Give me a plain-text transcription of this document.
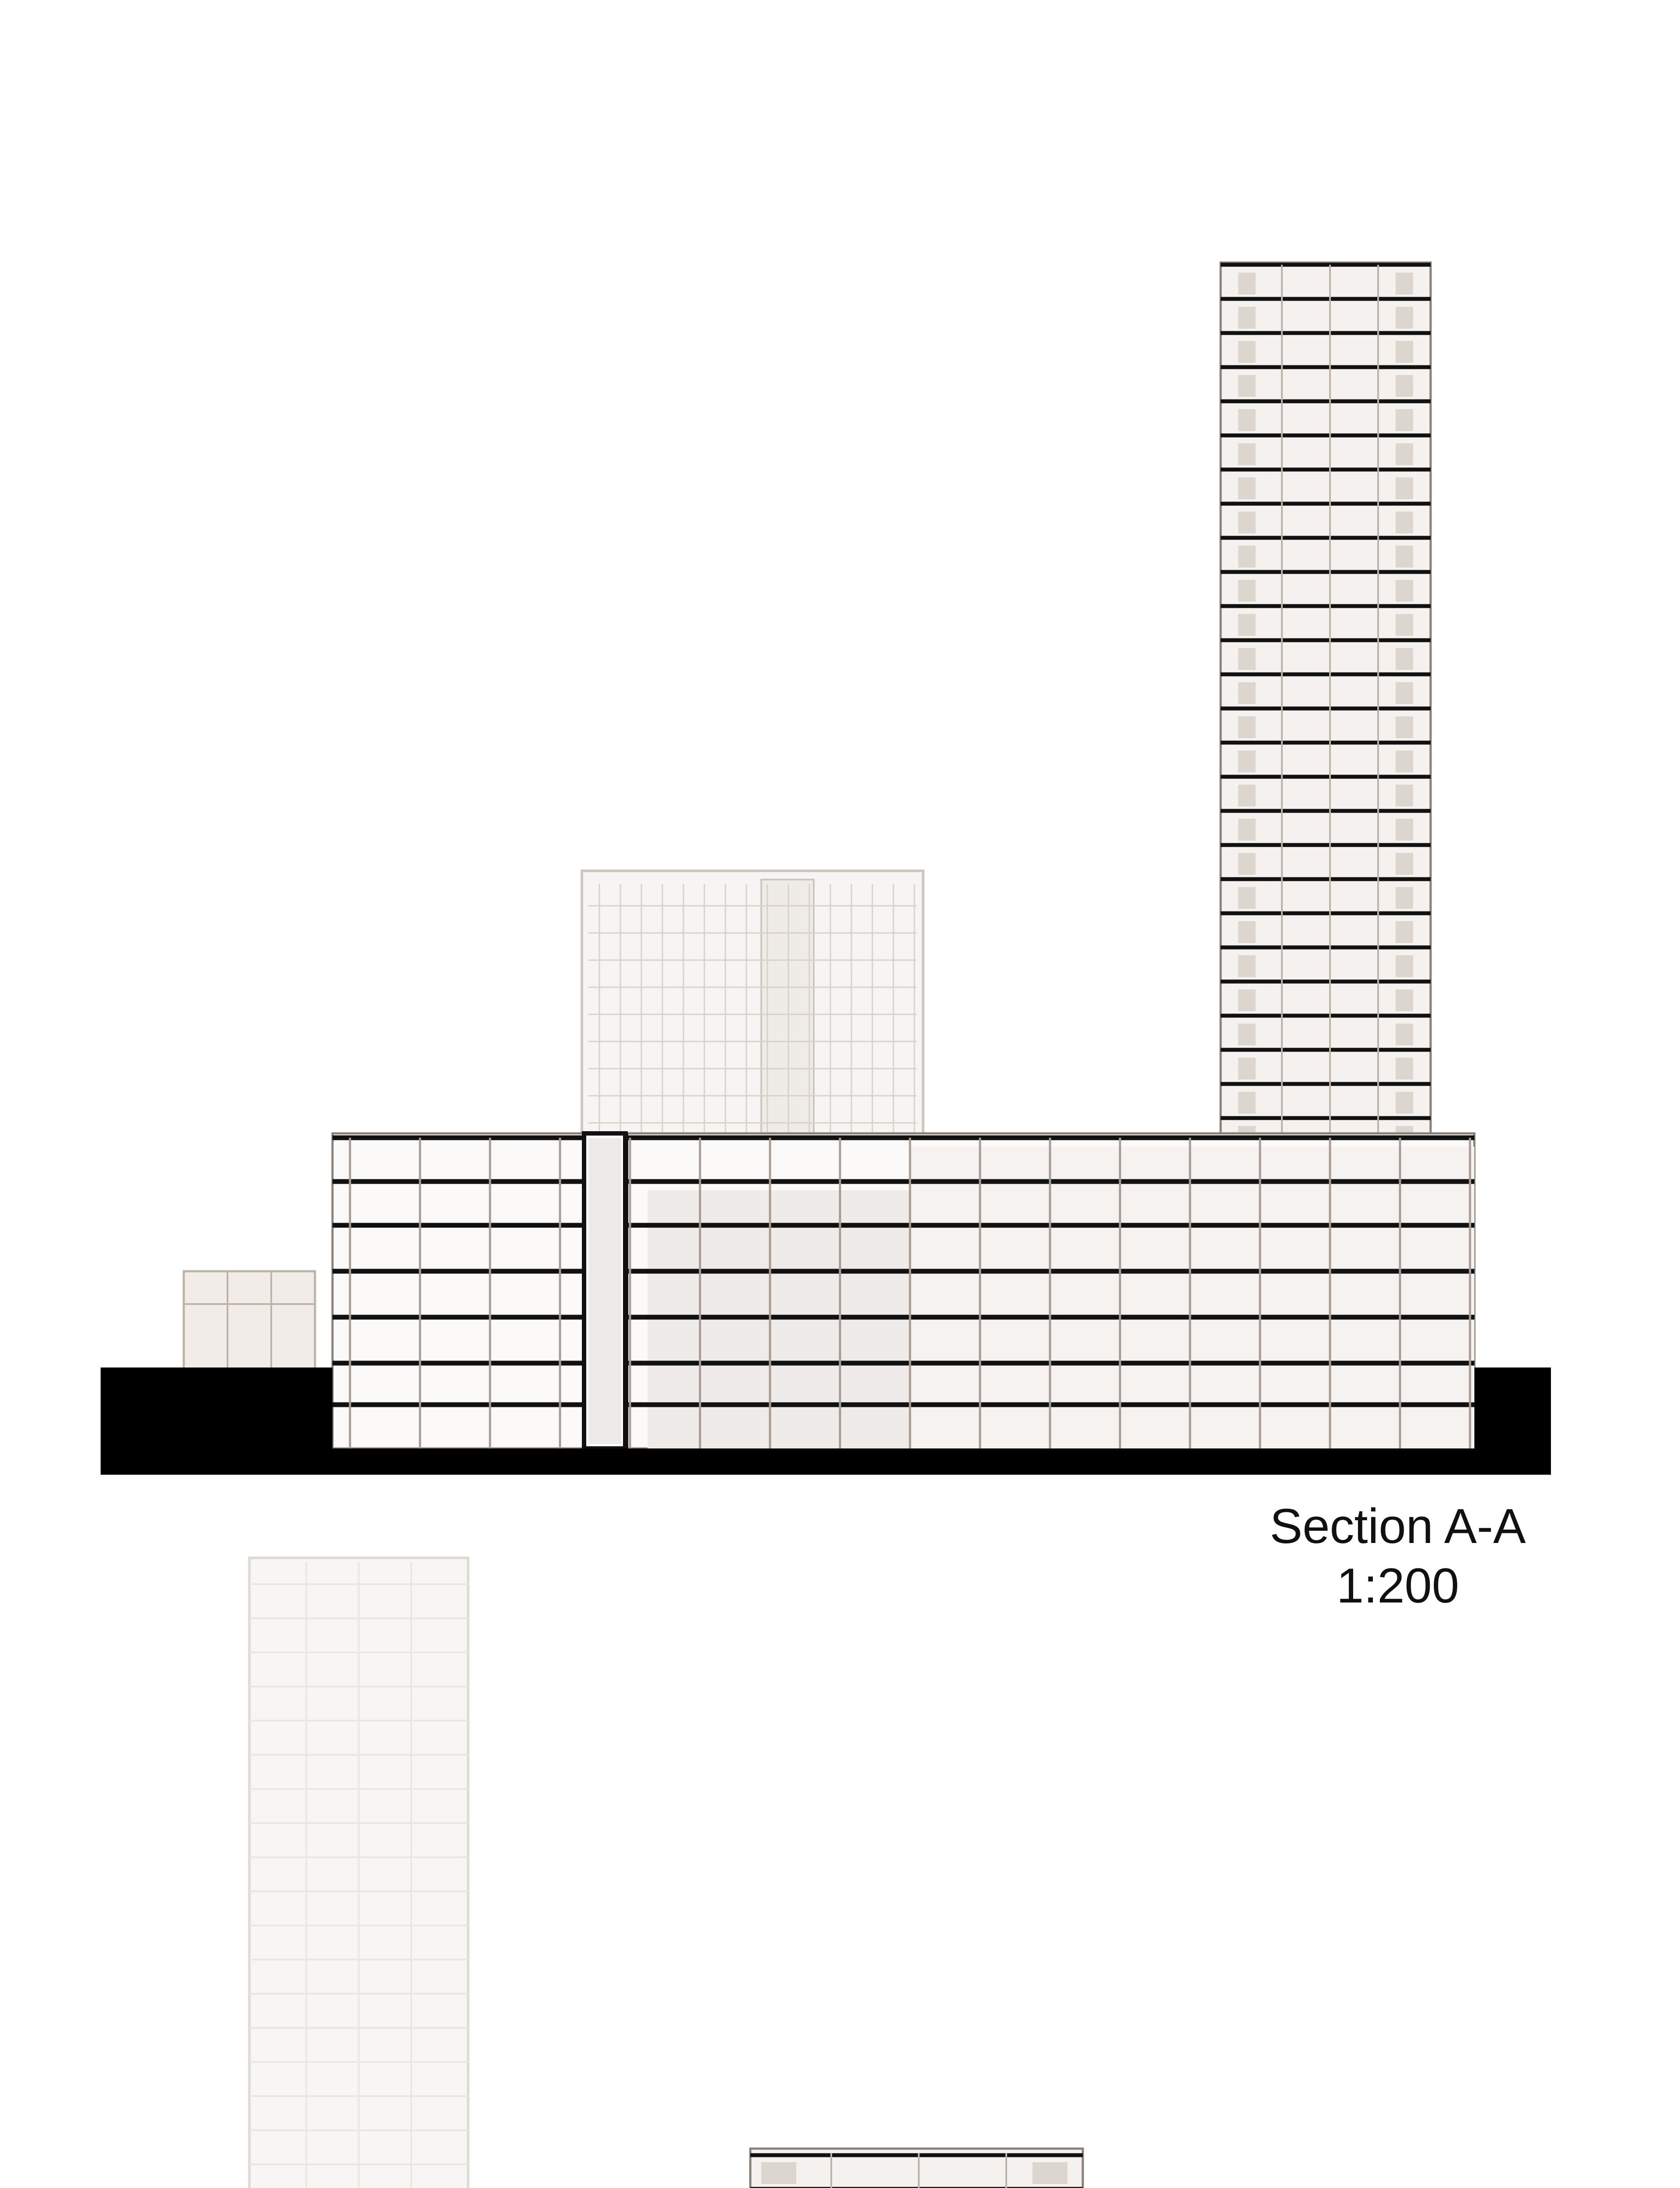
Section A-A
1:200
